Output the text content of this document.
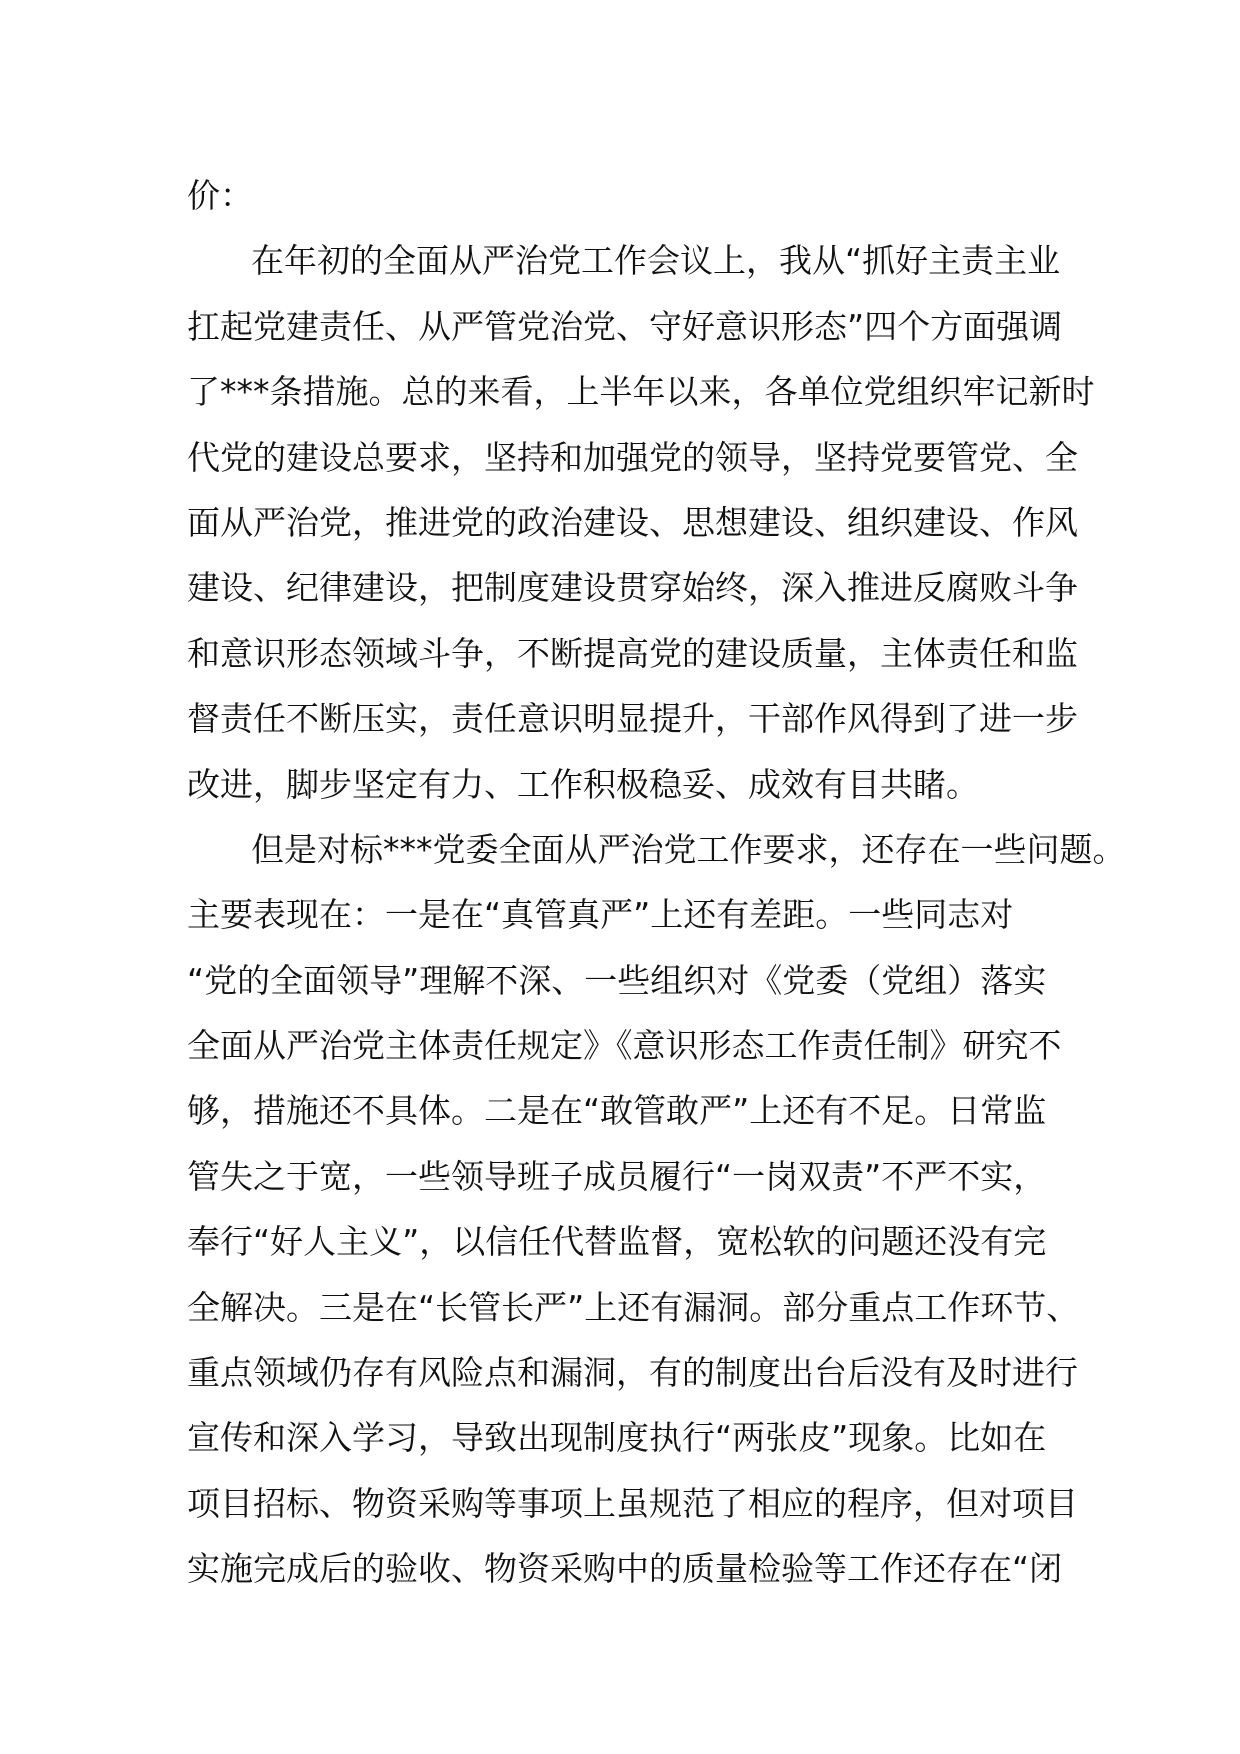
价：
在年初的全面从严治党工作会议上，我从“抓好主责主业
扛起党建责任、从严管党治党、守好意识形态”四个方面强调
了***条措施。总的来看，上半年以来，各单位党组织牢记新时
代党的建设总要求，坚持和加强党的领导，坚持党要管党、全
面从严治党，推进党的政治建设、思想建设、组织建设、作风
建设、纪律建设，把制度建设贯穿始终，深入推进反腐败斗争
和意识形态领域斗争，不断提高党的建设质量，主体责任和监
督责任不断压实，责任意识明显提升，干部作风得到了进一步
改进，脚步坚定有力、工作积极稳妥、成效有目共睹。
但是对标***党委全面从严治党工作要求，还存在一些问题。
主要表现在：一是在“真管真严”上还有差距。一些同志对
“党的全面领导”理解不深、一些组织对《党委（党组）落实
全面从严治党主体责任规定》《意识形态工作责任制》研究不
够，措施还不具体。二是在“敢管敢严”上还有不足。日常监
管失之于宽，一些领导班子成员履行“一岗双责”不严不实，
奉行“好人主义”，以信任代替监督，宽松软的问题还没有完
全解决。三是在“长管长严”上还有漏洞。部分重点工作环节、
重点领域仍存有风险点和漏洞，有的制度出台后没有及时进行
宣传和深入学习，导致出现制度执行“两张皮”现象。比如在
项目招标、物资采购等事项上虽规范了相应的程序，但对项目
实施完成后的验收、物资采购中的质量检验等工作还存在“闭
